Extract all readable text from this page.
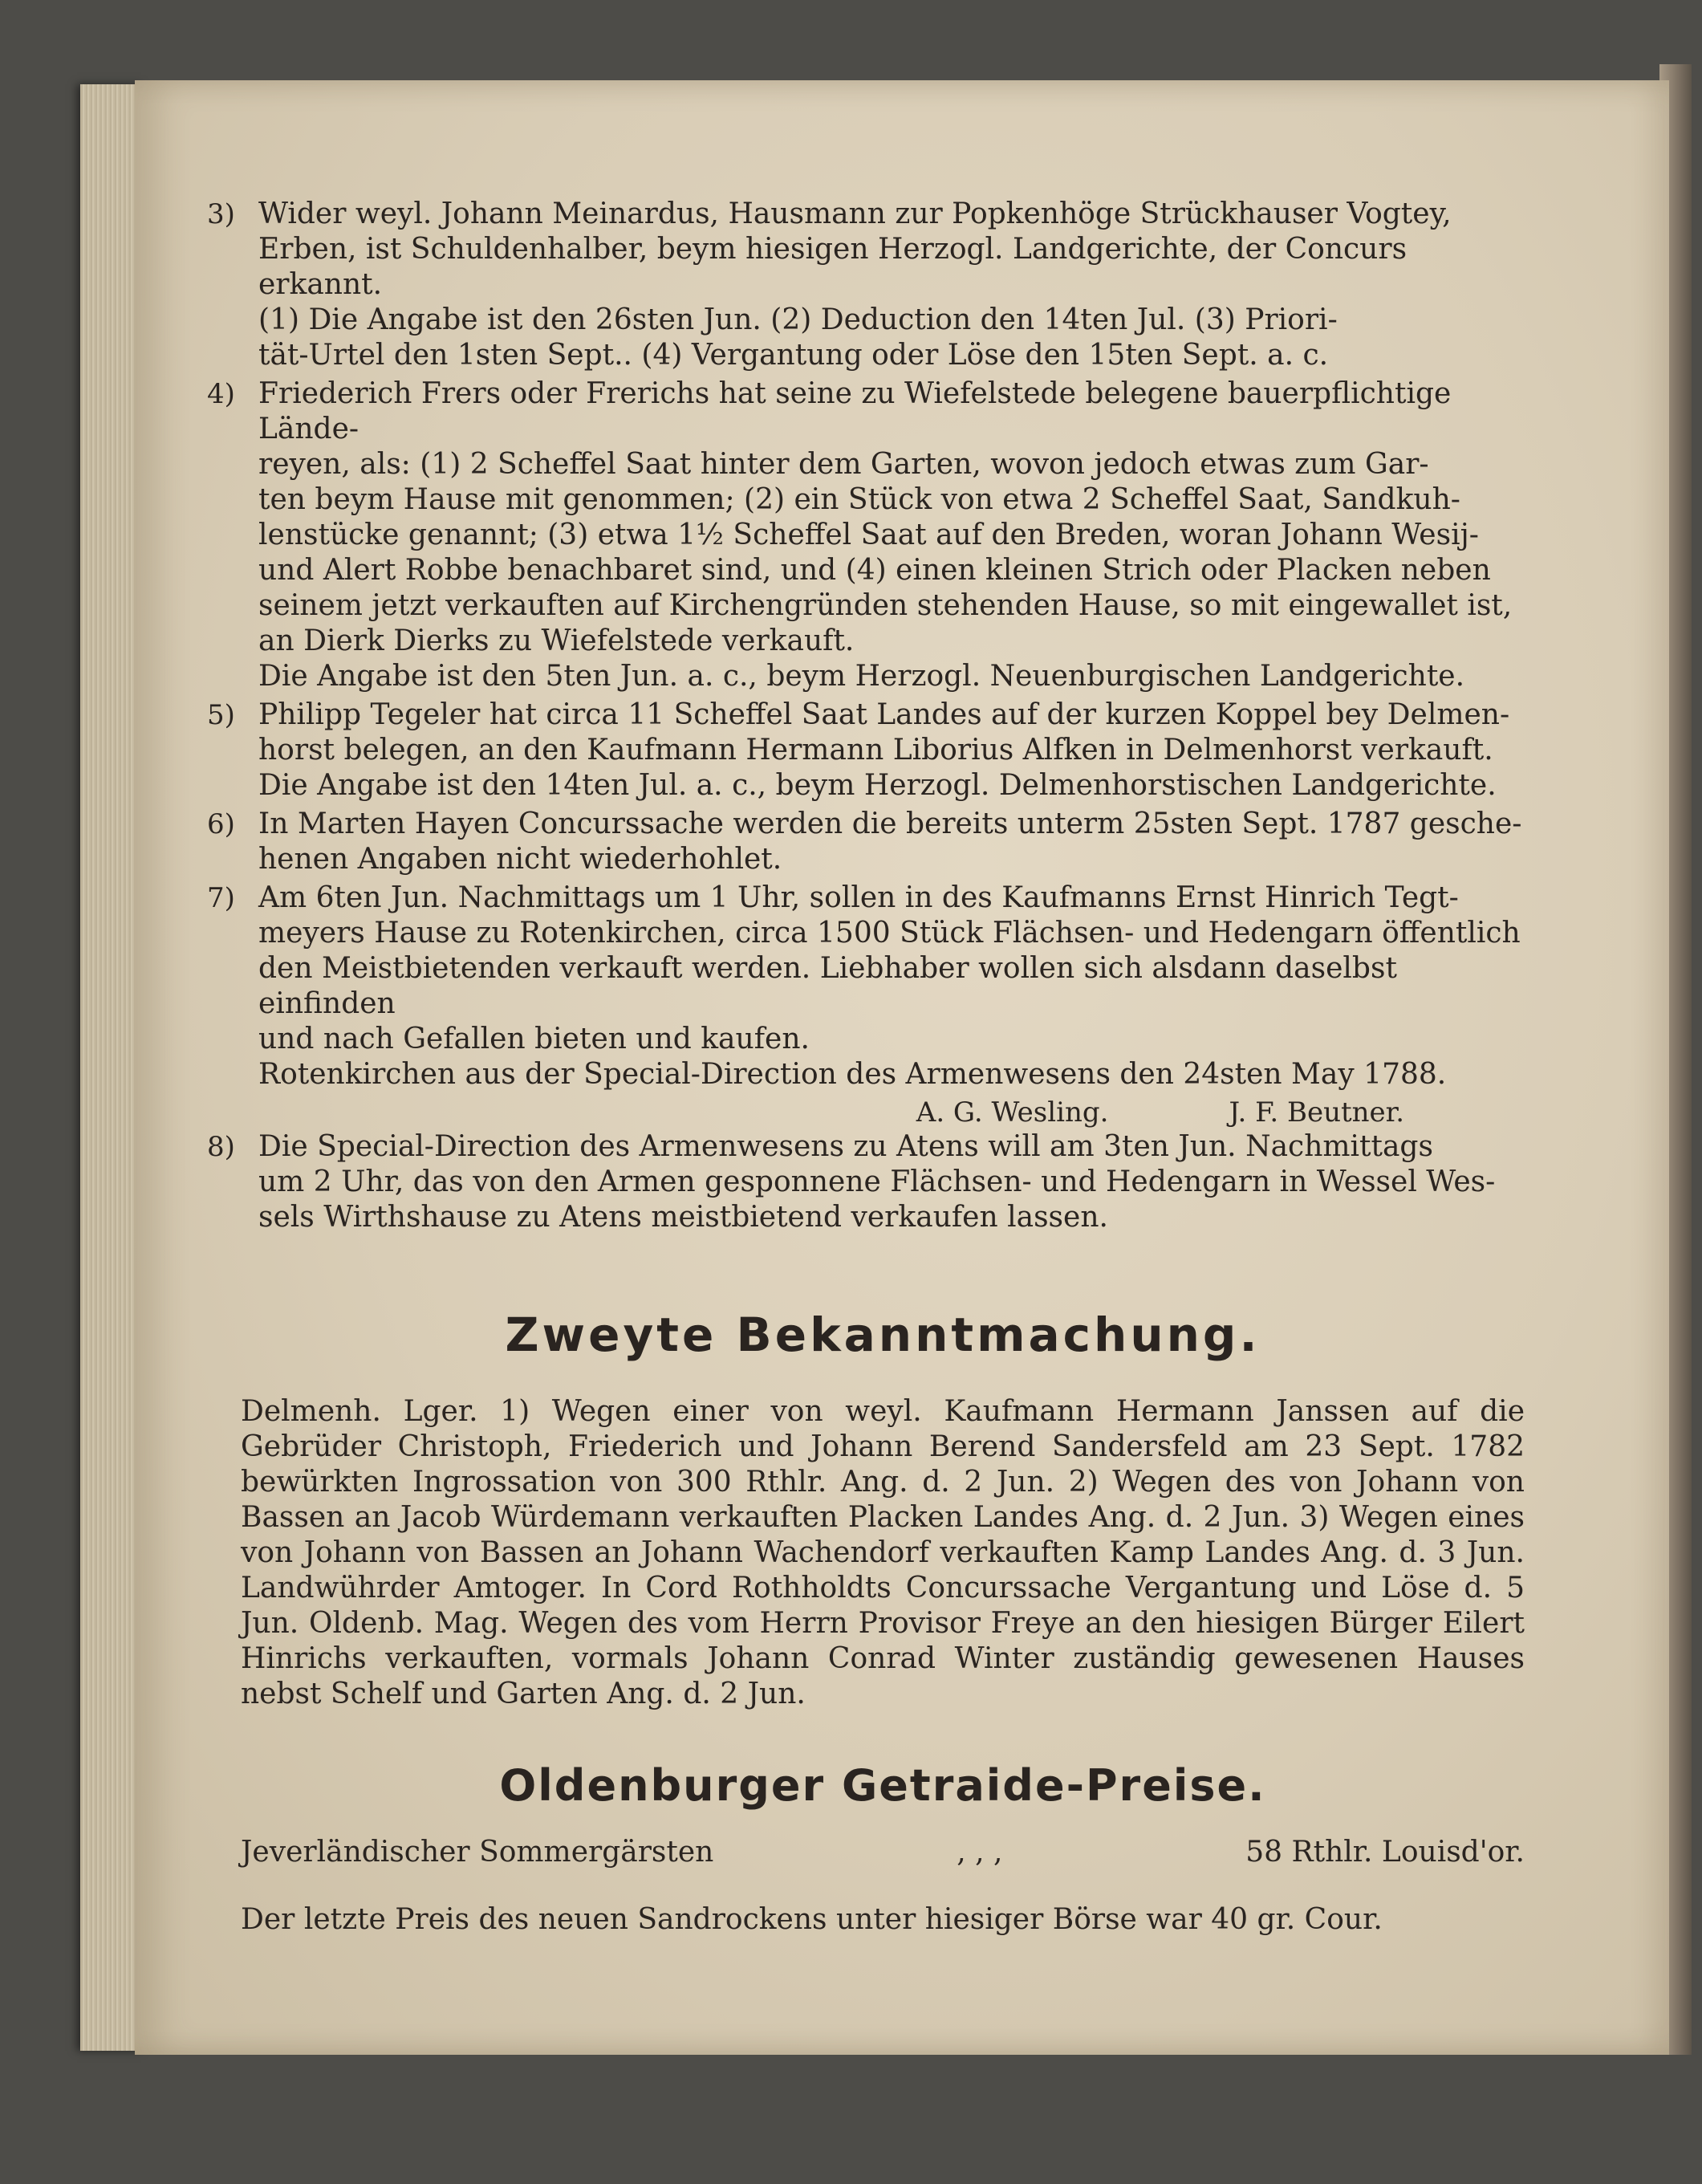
3) Wider weyl. Johann Meinardus, Hausmann zur Popkenhöge Strückhauser Vogtey,
Erben, ist Schuldenhalber, beym hiesigen Herzogl. Landgerichte, der Concurs erkannt.
(1) Die Angabe ist den 26sten Jun. (2) Deduction den 14ten Jul. (3) Priori-
tät-Urtel den 1sten Sept.. (4) Vergantung oder Löse den 15ten Sept. a. c.
4) Friederich Frers oder Frerichs hat seine zu Wiefelstede belegene bauerpflichtige Lände-
reyen, als: (1) 2 Scheffel Saat hinter dem Garten, wovon jedoch etwas zum Gar-
ten beym Hause mit genommen; (2) ein Stück von etwa 2 Scheffel Saat, Sandkuh-
lenstücke genannt; (3) etwa 1½ Scheffel Saat auf den Breden, woran Johann Wesij-
und Alert Robbe benachbaret sind, und (4) einen kleinen Strich oder Placken neben
seinem jetzt verkauften auf Kirchengründen stehenden Hause, so mit eingewallet ist,
an Dierk Dierks zu Wiefelstede verkauft.
Die Angabe ist den 5ten Jun. a. c., beym Herzogl. Neuenburgischen Landgerichte.
5) Philipp Tegeler hat circa 11 Scheffel Saat Landes auf der kurzen Koppel bey Delmen-
horst belegen, an den Kaufmann Hermann Liborius Alfken in Delmenhorst verkauft.
Die Angabe ist den 14ten Jul. a. c., beym Herzogl. Delmenhorstischen Landgerichte.
6) In Marten Hayen Concurssache werden die bereits unterm 25sten Sept. 1787 gesche-
henen Angaben nicht wiederhohlet.
7) Am 6ten Jun. Nachmittags um 1 Uhr, sollen in des Kaufmanns Ernst Hinrich Tegt-
meyers Hause zu Rotenkirchen, circa 1500 Stück Flächsen- und Hedengarn öffentlich
den Meistbietenden verkauft werden. Liebhaber wollen sich alsdann daselbst einfinden
und nach Gefallen bieten und kaufen.
Rotenkirchen aus der Special-Direction des Armenwesens den 24sten May 1788.
A. G. Wesling.	J. F. Beutner.
8) Die Special-Direction des Armenwesens zu Atens will am 3ten Jun. Nachmittags
um 2 Uhr, das von den Armen gesponnene Flächsen- und Hedengarn in Wessel Wes-
sels Wirthshause zu Atens meistbietend verkaufen lassen.
Zweyte Bekanntmachung.
Delmenh. Lger. 1) Wegen einer von weyl. Kaufmann Hermann Janssen auf die Gebrüder Christoph, Friederich und Johann Berend Sandersfeld am 23 Sept. 1782 bewürkten Ingrossation von 300 Rthlr. Ang. d. 2 Jun. 2) Wegen des von Johann von Bassen an Jacob Würdemann verkauften Placken Landes Ang. d. 2 Jun. 3) Wegen eines von Johann von Bassen an Johann Wachendorf verkauften Kamp Landes Ang. d. 3 Jun. Landwührder Amtoger. In Cord Rothholdts Concurssache Vergantung und Löse d. 5 Jun. Oldenb. Mag. Wegen des vom Herrn Provisor Freye an den hiesigen Bürger Eilert Hinrichs verkauften, vormals Johann Conrad Winter zuständig gewesenen Hauses nebst Schelf und Garten Ang. d. 2 Jun.
Oldenburger Getraide-Preise.
Jeverländischer Sommergärsten	, , ,	58 Rthlr. Louisd'or.
Der letzte Preis des neuen Sandrockens unter hiesiger Börse war 40 gr. Cour.
